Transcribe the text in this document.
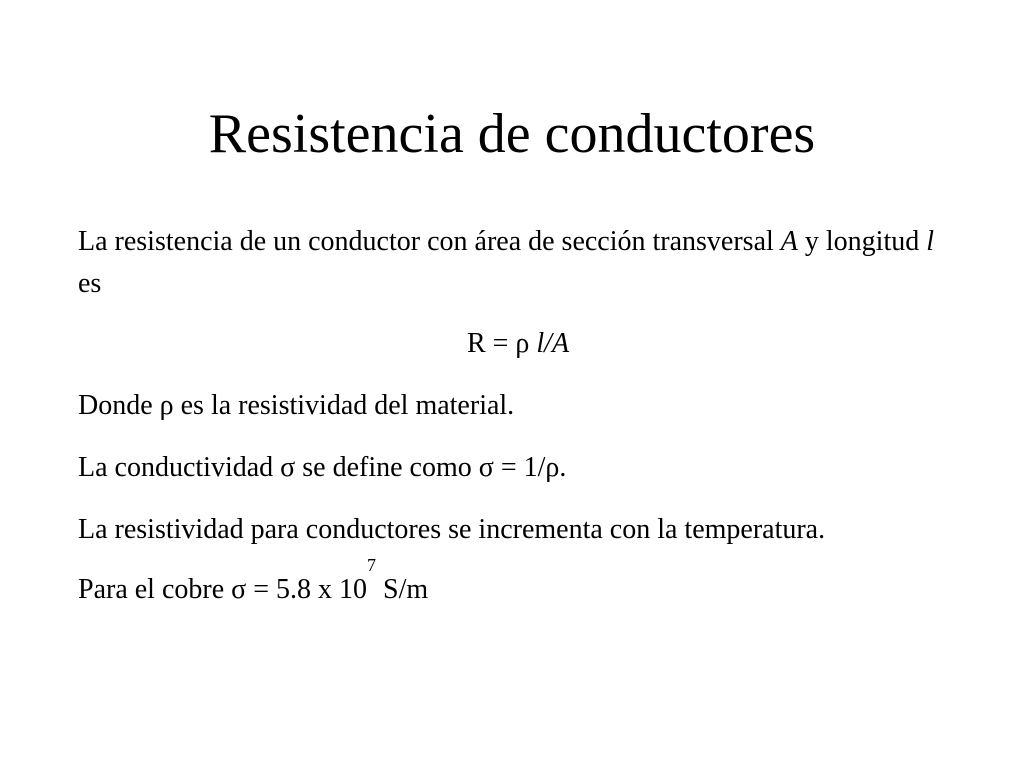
Resistencia de conductores

La resistencia de un conductor con área de sección transversal A y longitud l es

R = ρ l/A

Donde ρ es la resistividad del material.

La conductividad σ se define como σ = 1/ρ.

La resistividad para conductores se incrementa con la temperatura.

Para el cobre σ = 5.8 x $10^7$ S/m
